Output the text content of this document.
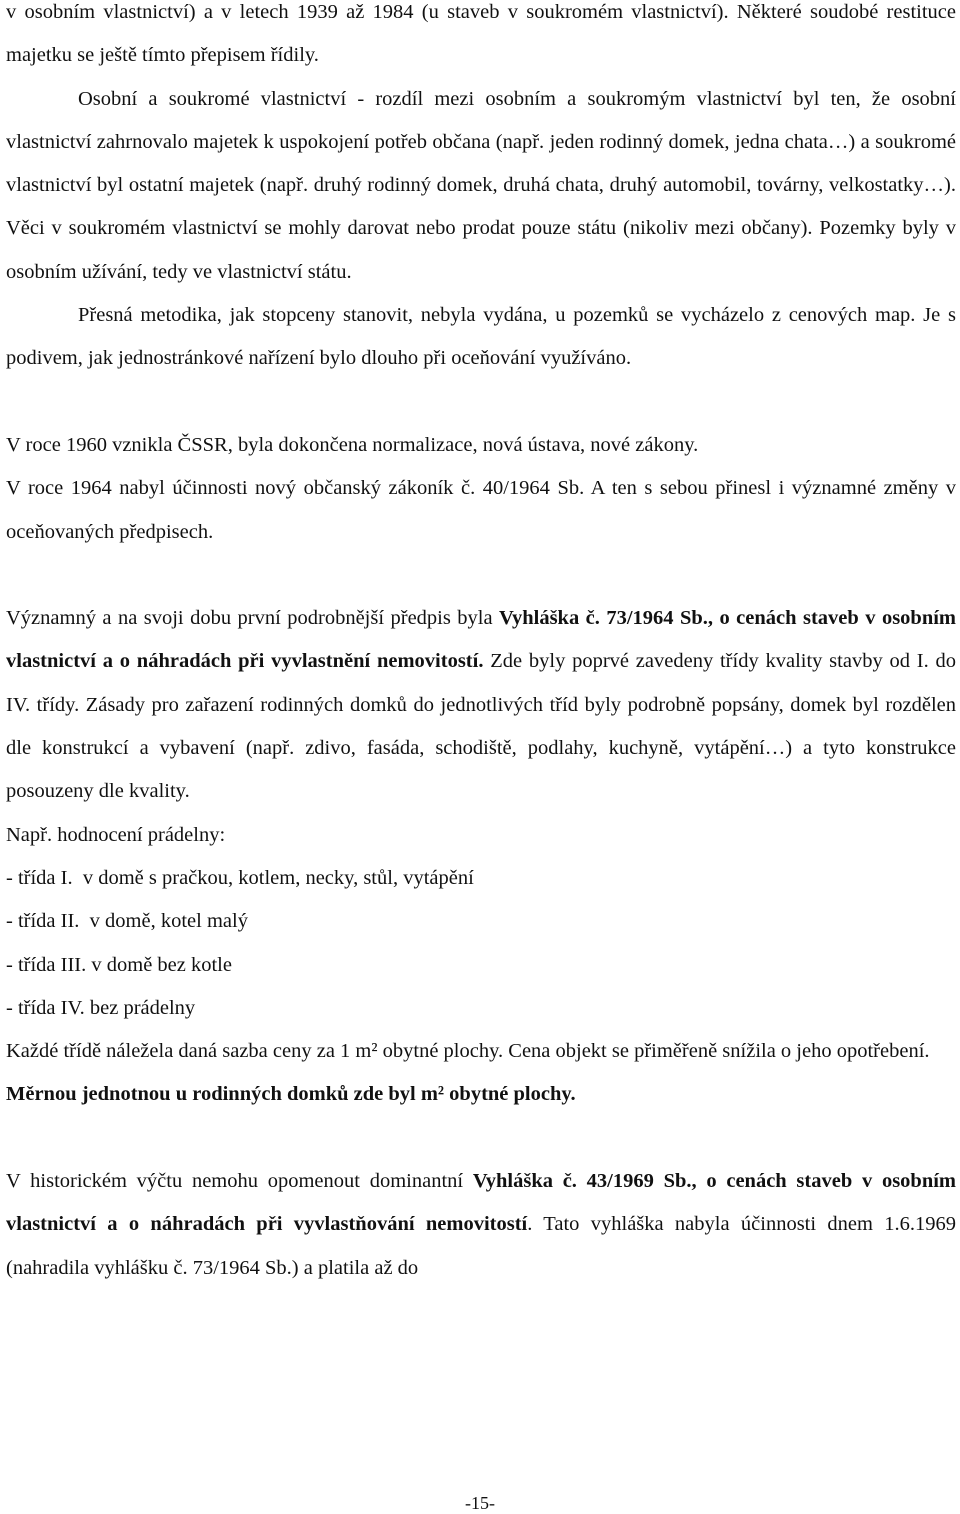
v osobním vlastnictví) a v letech 1939 až 1984 (u staveb v soukromém vlastnictví). Některé soudobé restituce majetku se ještě tímto přepisem řídily.

Osobní a soukromé vlastnictví - rozdíl mezi osobním a soukromým vlastnictví byl ten, že osobní vlastnictví zahrnovalo majetek k uspokojení potřeb občana (např. jeden rodinný domek, jedna chata…) a soukromé vlastnictví byl ostatní majetek (např. druhý rodinný domek, druhá chata, druhý automobil, továrny, velkostatky…). Věci v soukromém vlastnictví se mohly darovat nebo prodat pouze státu (nikoliv mezi občany). Pozemky byly v osobním užívání, tedy ve vlastnictví státu.

Přesná metodika, jak stopceny stanovit, nebyla vydána, u pozemků se vycházelo z cenových map. Je s podivem, jak jednostránkové nařízení bylo dlouho při oceňování využíváno.

V roce 1960 vznikla ČSSR, byla dokončena normalizace, nová ústava, nové zákony.

V roce 1964 nabyl účinnosti nový občanský zákoník č. 40/1964 Sb. A ten s sebou přinesl i významné změny v oceňovaných předpisech.

Významný a na svoji dobu první podrobnější předpis byla Vyhláška č. 73/1964 Sb., o cenách staveb v osobním vlastnictví a o náhradách při vyvlastnění nemovitostí. Zde byly poprvé zavedeny třídy kvality stavby od I. do IV. třídy. Zásady pro zařazení rodinných domků do jednotlivých tříd byly podrobně popsány, domek byl rozdělen dle konstrukcí a vybavení (např. zdivo, fasáda, schodiště, podlahy, kuchyně, vytápění…) a tyto konstrukce posouzeny dle kvality.

Např. hodnocení prádelny:

- třída I.  v domě s pračkou, kotlem, necky, stůl, vytápění

- třída II.  v domě, kotel malý

- třída III. v domě bez kotle

- třída IV. bez prádelny

Každé třídě náležela daná sazba ceny za 1 m² obytné plochy. Cena objekt se přiměřeně snížila o jeho opotřebení.

Měrnou jednotnou u rodinných domků zde byl m² obytné plochy.

V historickém výčtu nemohu opomenout dominantní Vyhláška č. 43/1969 Sb., o cenách staveb v osobním vlastnictví a o náhradách při vyvlastňování nemovitostí. Tato vyhláška nabyla účinnosti dnem 1.6.1969 (nahradila vyhlášku č. 73/1964 Sb.) a platila až do

-15-
